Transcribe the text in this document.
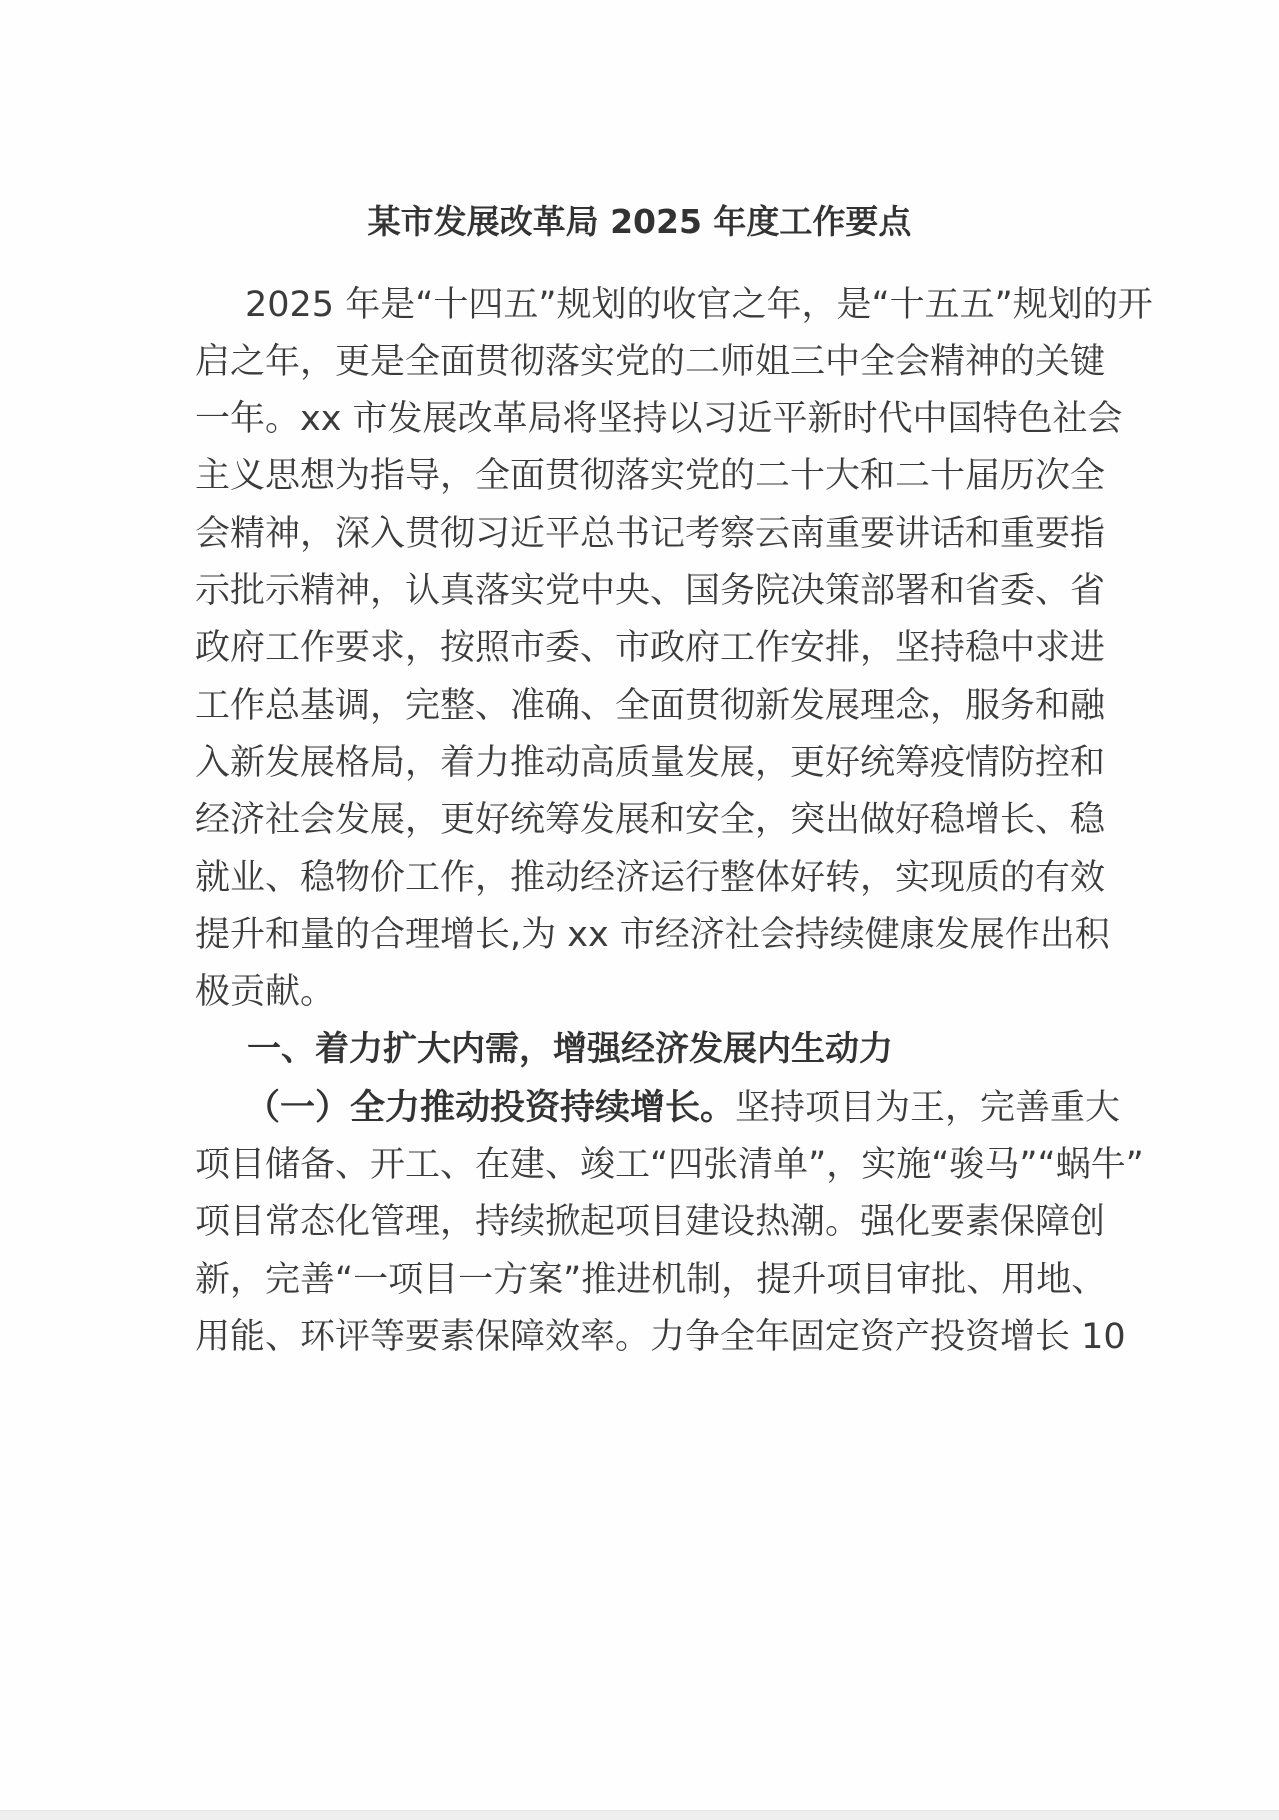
某市发展改革局 2025 年度工作要点
2025 年是“十四五”规划的收官之年，是“十五五”规划的开
启之年，更是全面贯彻落实党的二师姐三中全会精神的关键
一年。xx 市发展改革局将坚持以习近平新时代中国特色社会
主义思想为指导，全面贯彻落实党的二十大和二十届历次全
会精神，深入贯彻习近平总书记考察云南重要讲话和重要指
示批示精神，认真落实党中央、国务院决策部署和省委、省
政府工作要求，按照市委、市政府工作安排，坚持稳中求进
工作总基调，完整、准确、全面贯彻新发展理念，服务和融
入新发展格局，着力推动高质量发展，更好统筹疫情防控和
经济社会发展，更好统筹发展和安全，突出做好稳增长、稳
就业、稳物价工作，推动经济运行整体好转，实现质的有效
提升和量的合理增长,为 xx 市经济社会持续健康发展作出积
极贡献。
一、着力扩大内需，增强经济发展内生动力
（一）全力推动投资持续增长。坚持项目为王，完善重大
项目储备、开工、在建、竣工“四张清单”，实施“骏马”“蜗牛”
项目常态化管理，持续掀起项目建设热潮。强化要素保障创
新，完善“一项目一方案”推进机制，提升项目审批、用地、
用能、环评等要素保障效率。力争全年固定资产投资增长 10
